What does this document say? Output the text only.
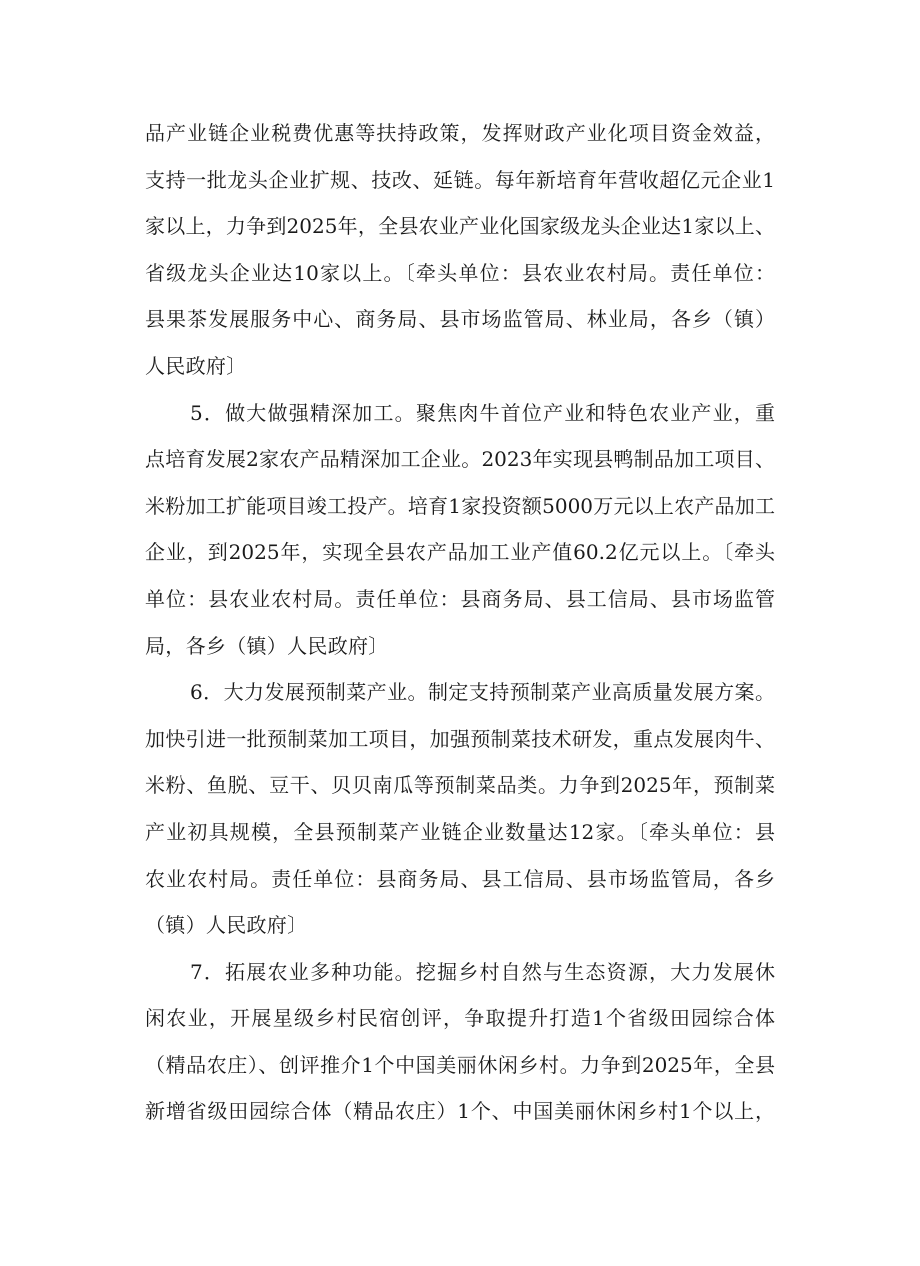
品产业链企业税费优惠等扶持政策，发挥财政产业化项目资金效益，
支持一批龙头企业扩规、技改、延链。每年新培育年营收超亿元企业1
家以上，力争到2025年，全县农业产业化国家级龙头企业达1家以上、
省级龙头企业达10家以上。〔牵头单位：县农业农村局。责任单位：
县果茶发展服务中心、商务局、县市场监管局、林业局，各乡（镇）
人民政府〕
5．做大做强精深加工。聚焦肉牛首位产业和特色农业产业，重
点培育发展2家农产品精深加工企业。2023年实现县鸭制品加工项目、
米粉加工扩能项目竣工投产。培育1家投资额5000万元以上农产品加工
企业，到2025年，实现全县农产品加工业产值60.2亿元以上。〔牵头
单位：县农业农村局。责任单位：县商务局、县工信局、县市场监管
局，各乡（镇）人民政府〕
6．大力发展预制菜产业。制定支持预制菜产业高质量发展方案。
加快引进一批预制菜加工项目，加强预制菜技术研发，重点发展肉牛、
米粉、鱼脱、豆干、贝贝南瓜等预制菜品类。力争到2025年，预制菜
产业初具规模，全县预制菜产业链企业数量达12家。〔牵头单位：县
农业农村局。责任单位：县商务局、县工信局、县市场监管局，各乡
（镇）人民政府〕
7．拓展农业多种功能。挖掘乡村自然与生态资源，大力发展休
闲农业，开展星级乡村民宿创评，争取提升打造1个省级田园综合体
（精品农庄）、创评推介1个中国美丽休闲乡村。力争到2025年，全县
新增省级田园综合体（精品农庄）1个、中国美丽休闲乡村1个以上，
